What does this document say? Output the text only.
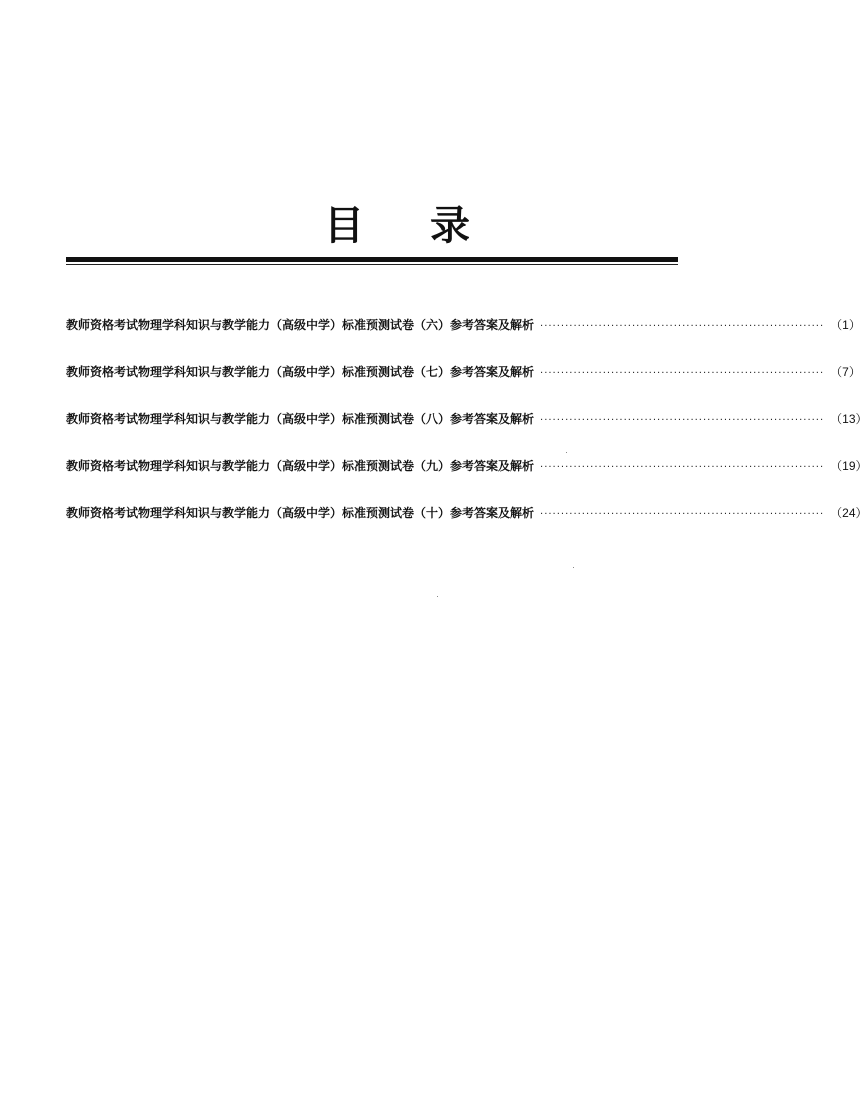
目 录
教师资格考试物理学科知识与教学能力（高级中学）标准预测试卷（六）参考答案及解析 ···································································· （1）
教师资格考试物理学科知识与教学能力（高级中学）标准预测试卷（七）参考答案及解析 ···································································· （7）
教师资格考试物理学科知识与教学能力（高级中学）标准预测试卷（八）参考答案及解析 ···································································· （13）
教师资格考试物理学科知识与教学能力（高级中学）标准预测试卷（九）参考答案及解析 ···································································· （19）
教师资格考试物理学科知识与教学能力（高级中学）标准预测试卷（十）参考答案及解析 ···································································· （24）
